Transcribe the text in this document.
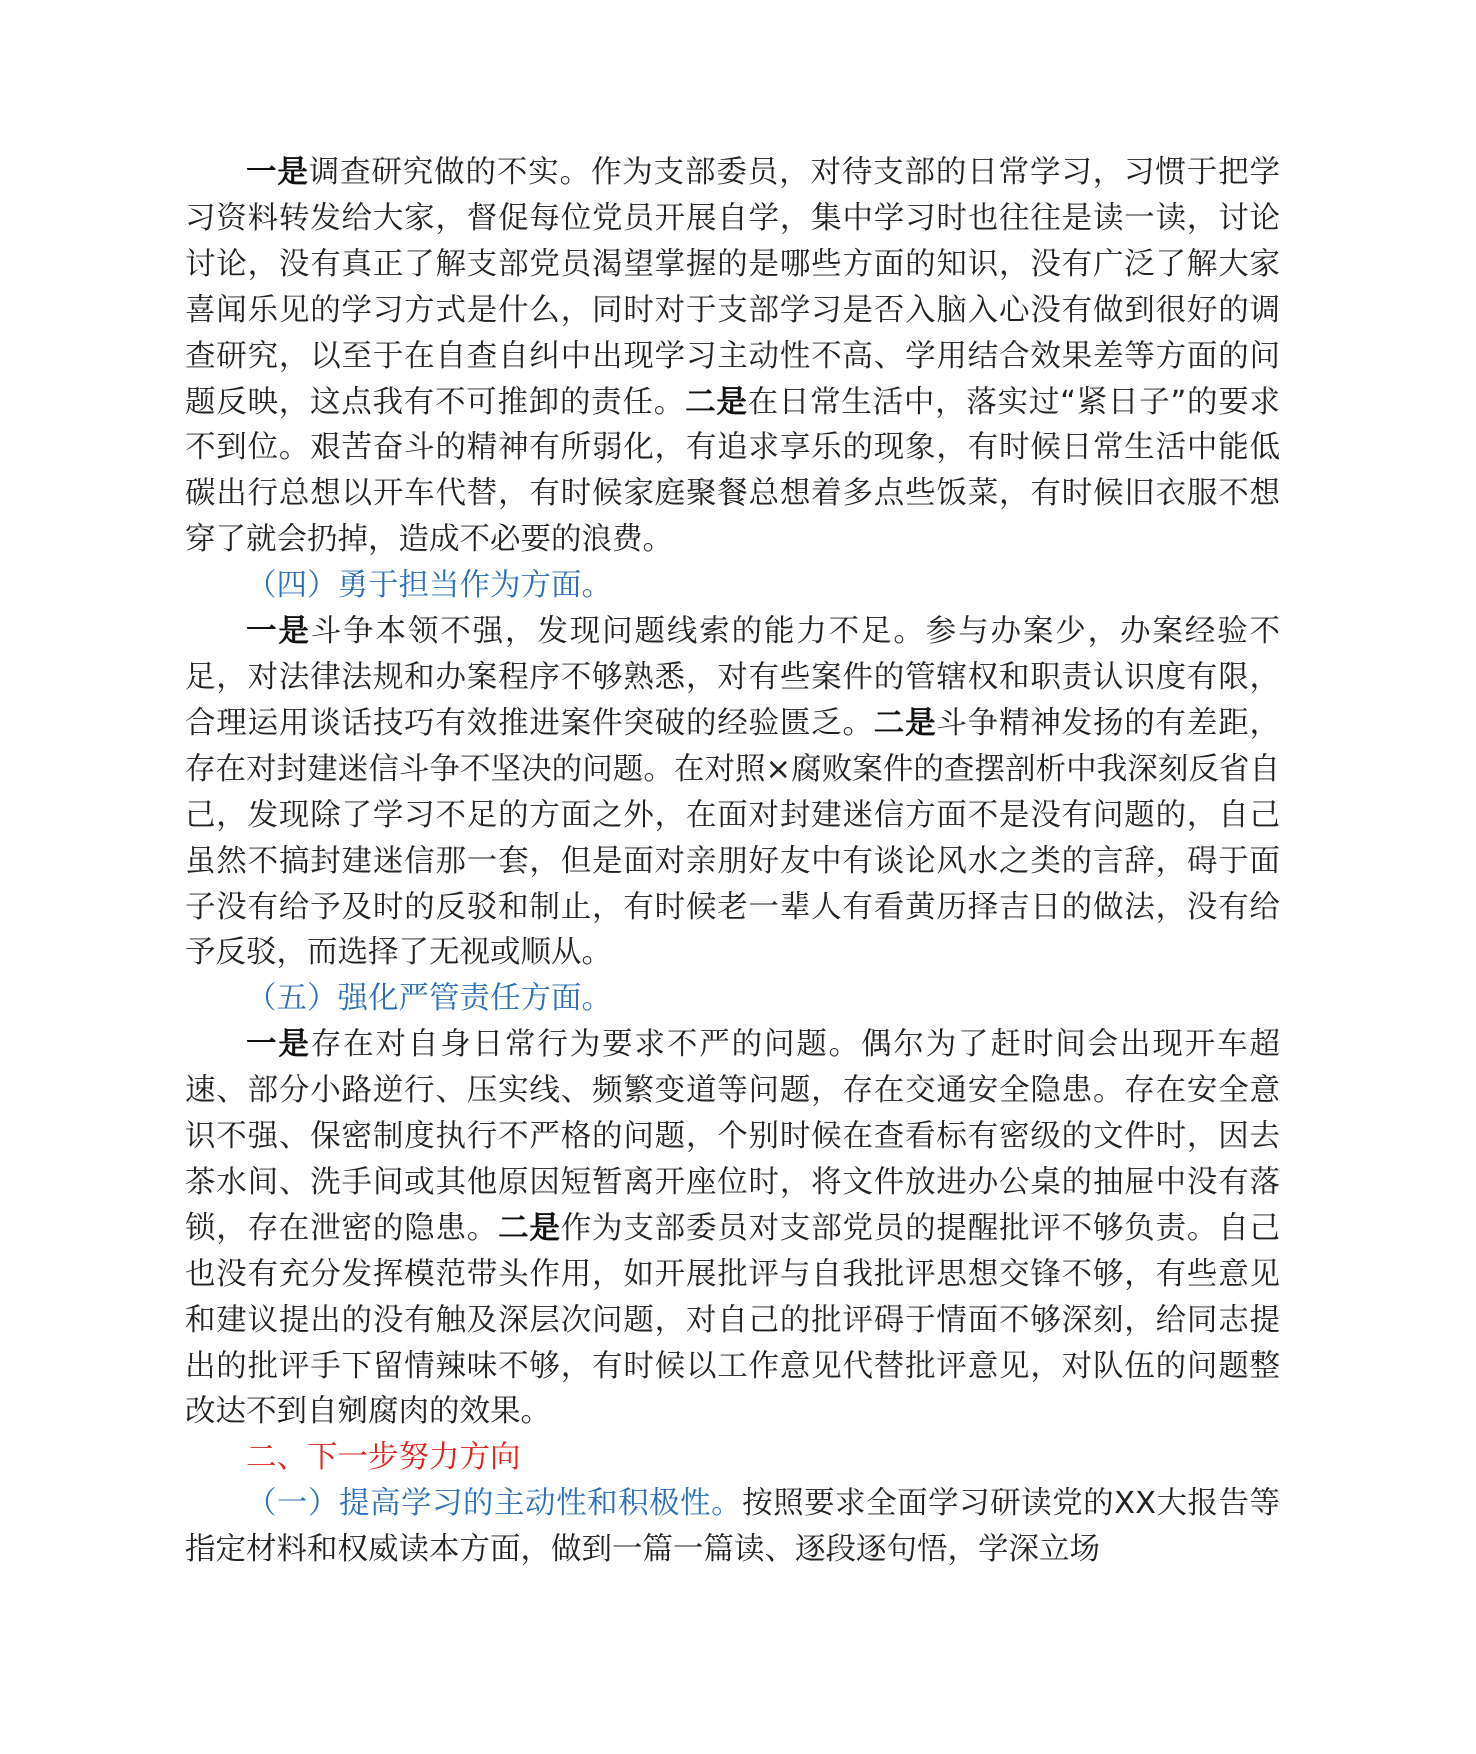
一是调查研究做的不实。作为支部委员，对待支部的日常学习，习惯于把学习资料转发给大家，督促每位党员开展自学，集中学习时也往往是读一读，讨论讨论，没有真正了解支部党员渴望掌握的是哪些方面的知识，没有广泛了解大家喜闻乐见的学习方式是什么，同时对于支部学习是否入脑入心没有做到很好的调查研究，以至于在自查自纠中出现学习主动性不高、学用结合效果差等方面的问题反映，这点我有不可推卸的责任。二是在日常生活中，落实过“紧日子”的要求不到位。艰苦奋斗的精神有所弱化，有追求享乐的现象，有时候日常生活中能低碳出行总想以开车代替，有时候家庭聚餐总想着多点些饭菜，有时候旧衣服不想穿了就会扔掉，造成不必要的浪费。

（四）勇于担当作为方面。

一是斗争本领不强，发现问题线索的能力不足。参与办案少，办案经验不足，对法律法规和办案程序不够熟悉，对有些案件的管辖权和职责认识度有限，合理运用谈话技巧有效推进案件突破的经验匮乏。二是斗争精神发扬的有差距，存在对封建迷信斗争不坚决的问题。在对照×腐败案件的查摆剖析中我深刻反省自己，发现除了学习不足的方面之外，在面对封建迷信方面不是没有问题的，自己虽然不搞封建迷信那一套，但是面对亲朋好友中有谈论风水之类的言辞，碍于面子没有给予及时的反驳和制止，有时候老一辈人有看黄历择吉日的做法，没有给予反驳，而选择了无视或顺从。

（五）强化严管责任方面。

一是存在对自身日常行为要求不严的问题。偶尔为了赶时间会出现开车超速、部分小路逆行、压实线、频繁变道等问题，存在交通安全隐患。存在安全意识不强、保密制度执行不严格的问题，个别时候在查看标有密级的文件时，因去茶水间、洗手间或其他原因短暂离开座位时，将文件放进办公桌的抽屉中没有落锁，存在泄密的隐患。二是作为支部委员对支部党员的提醒批评不够负责。自己也没有充分发挥模范带头作用，如开展批评与自我批评思想交锋不够，有些意见和建议提出的没有触及深层次问题，对自己的批评碍于情面不够深刻，给同志提出的批评手下留情辣味不够，有时候以工作意见代替批评意见，对队伍的问题整改达不到自剜腐肉的效果。

二、下一步努力方向

（一）提高学习的主动性和积极性。按照要求全面学习研读党的XX大报告等指定材料和权威读本方面，做到一篇一篇读、逐段逐句悟，学深立场
